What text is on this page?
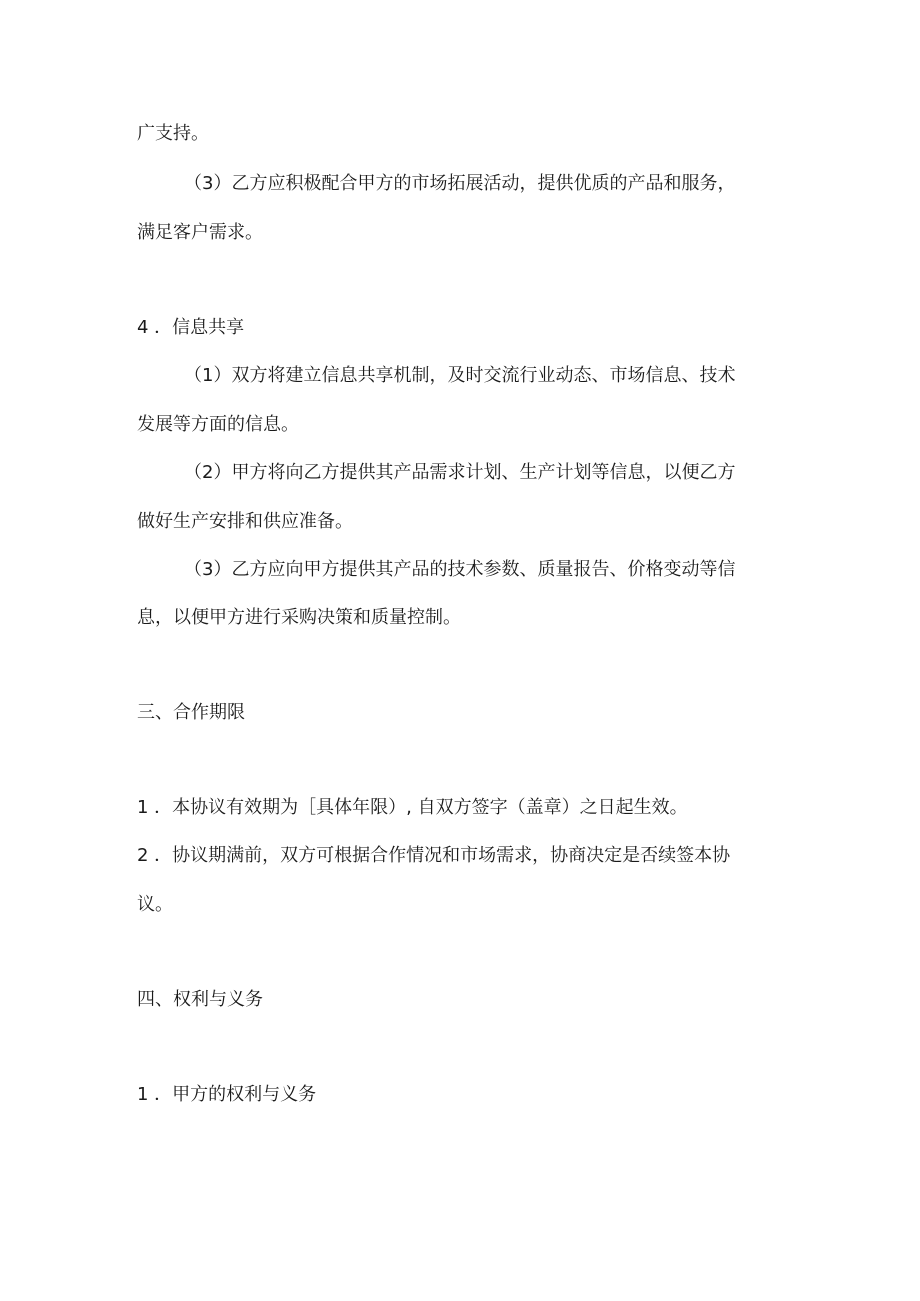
广支持。
（3）乙方应积极配合甲方的市场拓展活动，提供优质的产品和服务，
满足客户需求。
4 ．信息共享
（1）双方将建立信息共享机制，及时交流行业动态、市场信息、技术
发展等方面的信息。
（2）甲方将向乙方提供其产品需求计划、生产计划等信息，以便乙方
做好生产安排和供应准备。
（3）乙方应向甲方提供其产品的技术参数、质量报告、价格变动等信
息，以便甲方进行采购决策和质量控制。
三、合作期限
1 ．本协议有效期为［具体年限）, 自双方签字（盖章）之日起生效。
2 ．协议期满前，双方可根据合作情况和市场需求，协商决定是否续签本协
议。
四、权利与义务
1 ．甲方的权利与义务
